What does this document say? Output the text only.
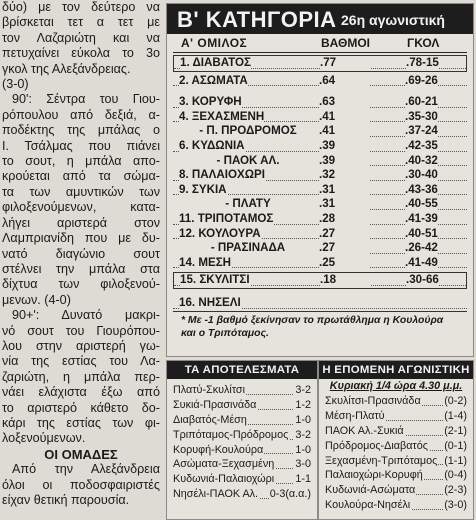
δύο) με τον δεύτερο να
βρίσκεται τετ α τετ με
τον Λαζαριώτη και να
πετυχαίνει εύκολα το 3ο
γκολ της Αλεξάνδρειας.
(3-0)
90': Σέντρα του Γιου-
ρόπουλου από δεξιά, α-
ποδέκτης της μπάλας ο
Ι. Τσάλμας που πιάνει
το σουτ, η μπάλα απο-
κρούεται από τα σώμα-
τα των αμυντικών των
φιλοξενούμενων, κατα-
λήγει αριστερά στον
Λαμπριανίδη που με δυ-
νατό διαγώνιο σουτ
στέλνει την μπάλα στα
δίχτυα των φιλοξενού-
μενων. (4-0)
90+': Δυνατό μακρι-
νό σουτ του Γιουρόπου-
λου στην αριστερή γω-
νία της εστίας του Λα-
ζαριώτη, η μπάλα περ-
νάει ελάχιστα έξω από
το αριστερό κάθετο δο-
κάρι της εστίας των φι-
λοξενούμενων.
ΟΙ ΟΜΑΔΕΣ
Από την Αλεξάνδρεια
όλοι οι ποδοσφαιριστές
είχαν θετική παρουσία.
Β' ΚΑΤΗΓΟΡΙΑ 26η αγωνιστική
Α' ΟΜΙΛΟΣ	ΒΑΘΜΟΙ	ΓΚΟΛ
1. ΔΙΑΒΑΤΟΣ	.77	.78-15
2. ΑΣΩΜΑΤΑ	.64	.69-26
3. ΚΟΡΥΦΗ	.63	.60-21
4. ΞΕΧΑΣΜΕΝΗ	.41	.35-30
- Π. ΠΡΟΔΡΟΜΟΣ	.41	.37-24
6. ΚΥΔΩΝΙΑ	.39	.42-35
- ΠΑΟΚ ΑΛ.	.39	.40-32
8. ΠΑΛΑΙΟΧΩΡΙ	.32	.30-40
9. ΣΥΚΙΑ	.31	.43-36
- ΠΛΑΤΥ	.31	.40-55
11. ΤΡΙΠΟΤΑΜΟΣ	.28	.41-39
12. ΚΟΥΛΟΥΡΑ	.27	.40-51
- ΠΡΑΣΙΝΑΔΑ	.27	.26-42
14. ΜΕΣΗ	.25	.41-49
15. ΣΚΥΛΙΤΣΙ	.18	.30-66
16. ΝΗΣΕΛΙ
* Με -1 βαθμό ξεκίνησαν το πρωτάθλημα η Κουλούρα και ο Τριπόταμος.
ΤΑ ΑΠΟΤΕΛΕΣΜΑΤΑ
Πλατύ-Σκυλίτσι	3-2
Συκιά-Πρασινάδα	1-2
Διαβατός-Μέση	1-0
Τριπόταμος-Πρόδρομος 3-2
Κορυφή-Κουλούρα	1-0
Ασώματα-Ξεχασμένη 3-0
Κυδωνιά-Παλαιοχώρι 1-1
Νησέλι-ΠΑΟΚ Αλ. 0-3(α.α.)
Η ΕΠΟΜΕΝΗ ΑΓΩΝΙΣΤΙΚΗ
Κυριακή 1/4 ώρα 4.30 μ.μ.
Σκυλίτσι-Πρασινάδα (0-2)
Μέση-Πλατύ	(1-4)
ΠΑΟΚ Αλ.-Συκιά	(2-1)
Πρόδρομος-Διαβατός (0-1)
Ξεχασμένη-Τριπόταμος (1-1)
Παλαιοχώρι-Κορυφή (0-4)
Κυδωνιά-Ασώματα	(2-3)
Κουλούρα-Νησέλι	(3-0)
